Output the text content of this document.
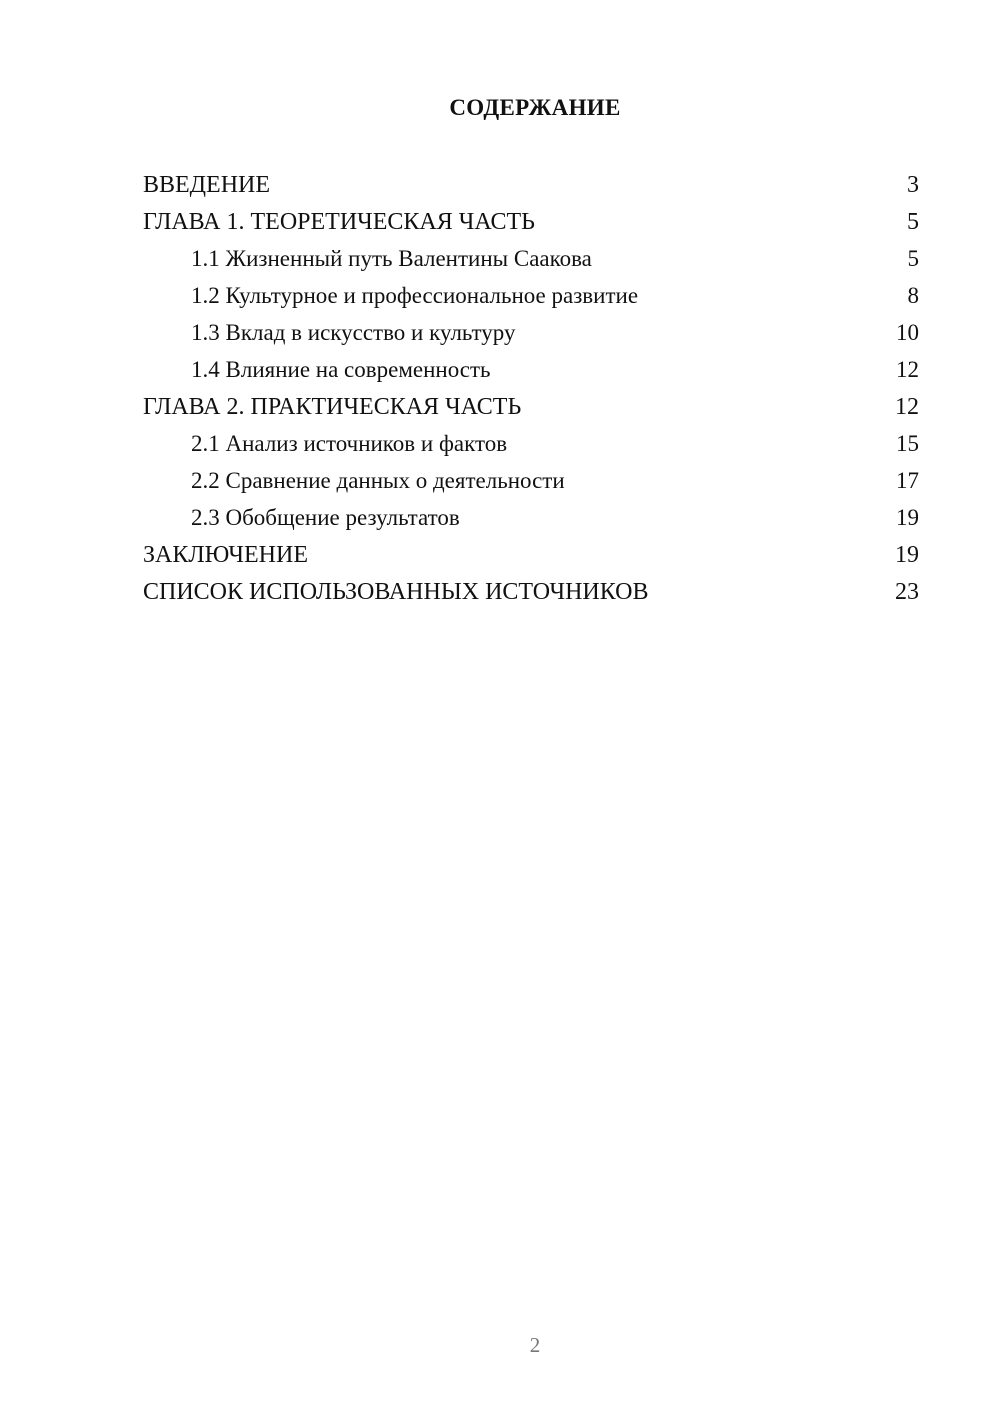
СОДЕРЖАНИЕ
ВВЕДЕНИЕ	3
ГЛАВА 1. ТЕОРЕТИЧЕСКАЯ ЧАСТЬ	5
1.1 Жизненный путь Валентины Саакова	5
1.2 Культурное и профессиональное развитие	8
1.3 Вклад в искусство и культуру	10
1.4 Влияние на современность	12
ГЛАВА 2. ПРАКТИЧЕСКАЯ ЧАСТЬ	12
2.1 Анализ источников и фактов	15
2.2 Сравнение данных о деятельности	17
2.3 Обобщение результатов	19
ЗАКЛЮЧЕНИЕ	19
СПИСОК ИСПОЛЬЗОВАННЫХ ИСТОЧНИКОВ	23
2
